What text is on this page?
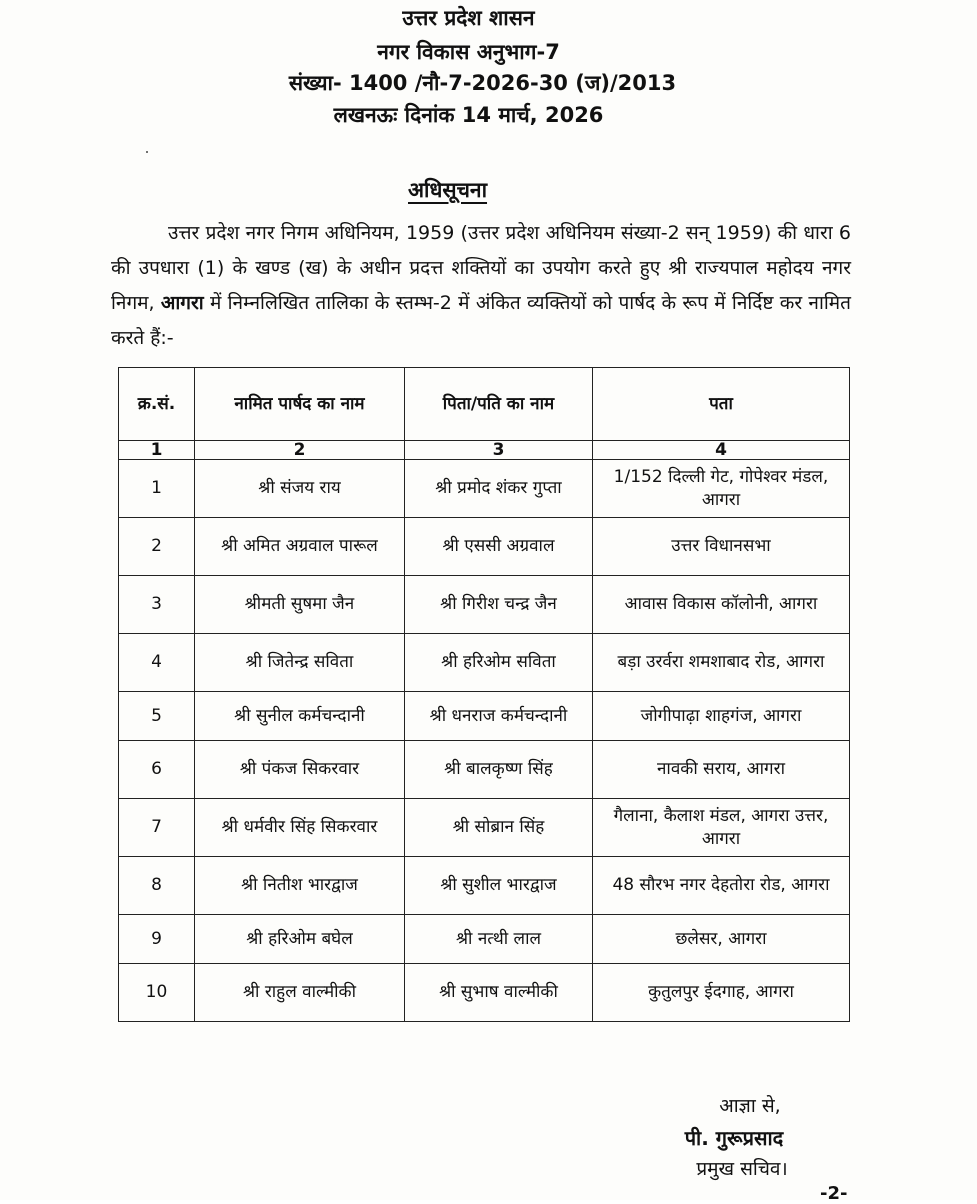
उत्तर प्रदेश शासन
नगर विकास अनुभाग-7
संख्या- 1400 /नौ-7-2026-30 (ज)/2013
लखनऊः दिनांक 14 मार्च, 2026
अधिसूचना
उत्तर प्रदेश नगर निगम अधिनियम, 1959 (उत्तर प्रदेश अधिनियम संख्या-2 सन् 1959) की धारा 6 की उपधारा (1) के खण्ड (ख) के अधीन प्रदत्त शक्तियों का उपयोग करते हुए श्री राज्यपाल महोदय नगर निगम, आगरा में निम्नलिखित तालिका के स्तम्भ-2 में अंकित व्यक्तियों को पार्षद के रूप में निर्दिष्ट कर नामित करते हैं:-
क्र.सं.	नामित पार्षद का नाम	पिता/पति का नाम	पता
1	2	3	4
1	श्री संजय राय	श्री प्रमोद शंकर गुप्ता	1/152 दिल्ली गेट, गोपेश्वर मंडल, आगरा
2	श्री अमित अग्रवाल पारूल	श्री एससी अग्रवाल	उत्तर विधानसभा
3	श्रीमती सुषमा जैन	श्री गिरीश चन्द्र जैन	आवास विकास कॉलोनी, आगरा
4	श्री जितेन्द्र सविता	श्री हरिओम सविता	बड़ा उरर्वरा शमशाबाद रोड, आगरा
5	श्री सुनील कर्मचन्दानी	श्री धनराज कर्मचन्दानी	जोगीपाढ़ा शाहगंज, आगरा
6	श्री पंकज सिकरवार	श्री बालकृष्ण सिंह	नावकी सराय, आगरा
7	श्री धर्मवीर सिंह सिकरवार	श्री सोब्रान सिंह	गैलाना, कैलाश मंडल, आगरा उत्तर, आगरा
8	श्री नितीश भारद्वाज	श्री सुशील भारद्वाज	48 सौरभ नगर देहतोरा रोड, आगरा
9	श्री हरिओम बघेल	श्री नत्थी लाल	छलेसर, आगरा
10	श्री राहुल वाल्मीकी	श्री सुभाष वाल्मीकी	कुतुलपुर ईदगाह, आगरा
आज्ञा से,
पी. गुरूप्रसाद
प्रमुख सचिव।
-2-
